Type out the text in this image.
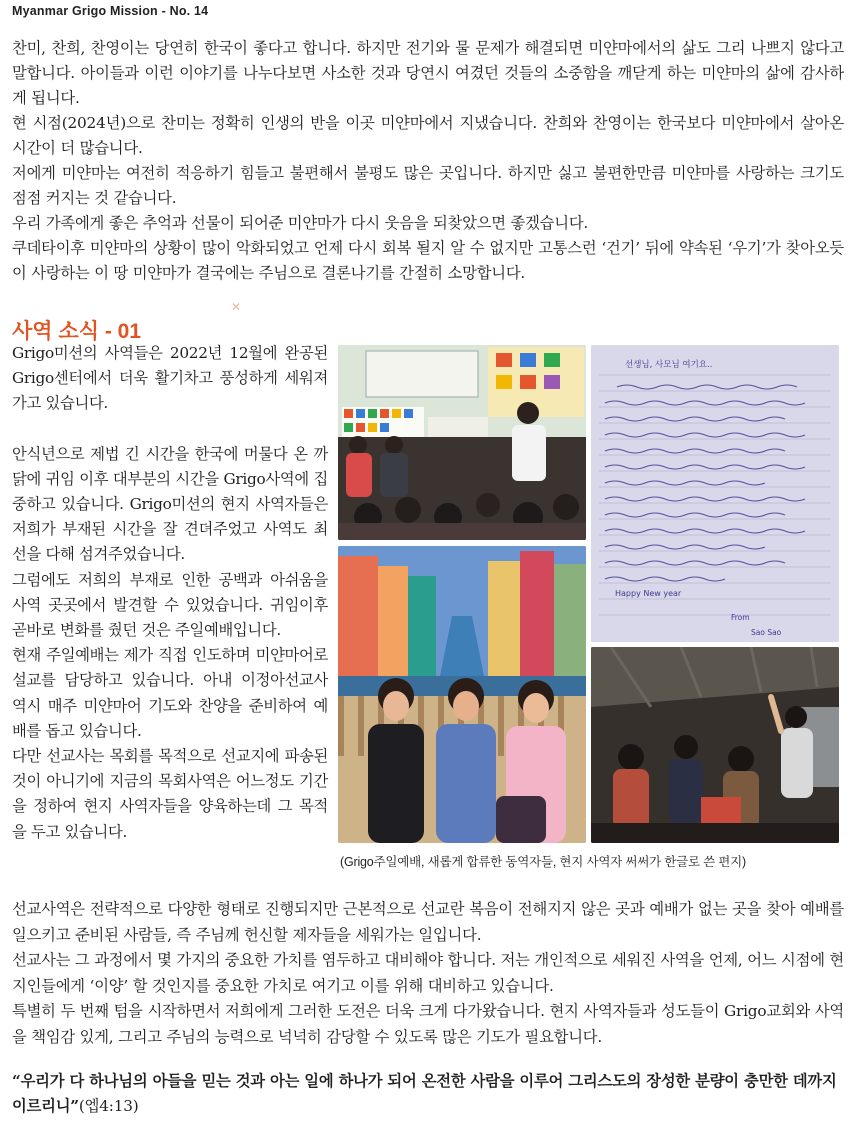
Myanmar Grigo Mission - No. 14

찬미, 찬희, 찬영이는 당연히 한국이 좋다고 합니다. 하지만 전기와 물 문제가 해결되면 미얀마에서의 삶도 그리 나쁘지 않다고 말합니다. 아이들과 이런 이야기를 나누다보면 사소한 것과 당연시 여겼던 것들의 소중함을 깨닫게 하는 미얀마의 삶에 감사하게 됩니다.

현 시점(2024년)으로 찬미는 정확히 인생의 반을 이곳 미얀마에서 지냈습니다. 찬희와 찬영이는 한국보다 미얀마에서 살아온 시간이 더 많습니다.

저에게 미얀마는 여전히 적응하기 힘들고 불편해서 불평도 많은 곳입니다. 하지만 싫고 불편한만큼 미얀마를 사랑하는 크기도 점점 커지는 것 같습니다.

우리 가족에게 좋은 추억과 선물이 되어준 미얀마가 다시 웃음을 되찾았으면 좋겠습니다.

쿠데타이후 미얀마의 상황이 많이 악화되었고 언제 다시 회복 될지 알 수 없지만 고통스런 ‘건기’ 뒤에 약속된 ‘우기’가 찾아오듯이 사랑하는 이 땅 미얀마가 결국에는 주님으로 결론나기를 간절히 소망합니다.

✕
사역 소식 - 01

Grigo미션의 사역들은 2022년 12월에 완공된 Grigo센터에서 더욱 활기차고 풍성하게 세워져 가고 있습니다.

안식년으로 제법 긴 시간을 한국에 머물다 온 까닭에 귀임 이후 대부분의 시간을 Grigo사역에 집중하고 있습니다. Grigo미션의 현지 사역자들은 저희가 부재된 시간을 잘 견뎌주었고 사역도 최선을 다해 섬겨주었습니다.

그럼에도 저희의 부재로 인한 공백과 아쉬움을 사역 곳곳에서 발견할 수 있었습니다. 귀임이후 곧바로 변화를 줬던 것은 주일예배입니다.

현재 주일예배는 제가 직접 인도하며 미얀마어로 설교를 담당하고 있습니다. 아내 이정아선교사 역시 매주 미얀마어 기도와 찬양을 준비하여 예배를 돕고 있습니다.

다만 선교사는 목회를 목적으로 선교지에 파송된 것이 아니기에 지금의 목회사역은 어느정도 기간을 정하여 현지 사역자들을 양육하는데 그 목적을 두고 있습니다.

선생님, 사모님 여기요..
Happy New year
From
Sao Sao

(Grigo주일예배, 새롭게 합류한 동역자들, 현지 사역자 써써가 한글로 쓴 편지)

선교사역은 전략적으로 다양한 형태로 진행되지만 근본적으로 선교란 복음이 전해지지 않은 곳과 예배가 없는 곳을 찾아 예배를 일으키고 준비된 사람들, 즉 주님께 헌신할 제자들을 세워가는 일입니다.

선교사는 그 과정에서 몇 가지의 중요한 가치를 염두하고 대비해야 합니다. 저는 개인적으로 세워진 사역을 언제, 어느 시점에 현지인들에게 ‘이양’ 할 것인지를 중요한 가치로 여기고 이를 위해 대비하고 있습니다.

특별히 두 번째 텀을 시작하면서 저희에게 그러한 도전은 더욱 크게 다가왔습니다. 현지 사역자들과 성도들이 Grigo교회와 사역을 책임감 있게, 그리고 주님의 능력으로 넉넉히 감당할 수 있도록 많은 기도가 필요합니다.

“우리가 다 하나님의 아들을 믿는 것과 아는 일에 하나가 되어 온전한 사람을 이루어 그리스도의 장성한 분량이 충만한 데까지 이르리니”(엡4:13)
